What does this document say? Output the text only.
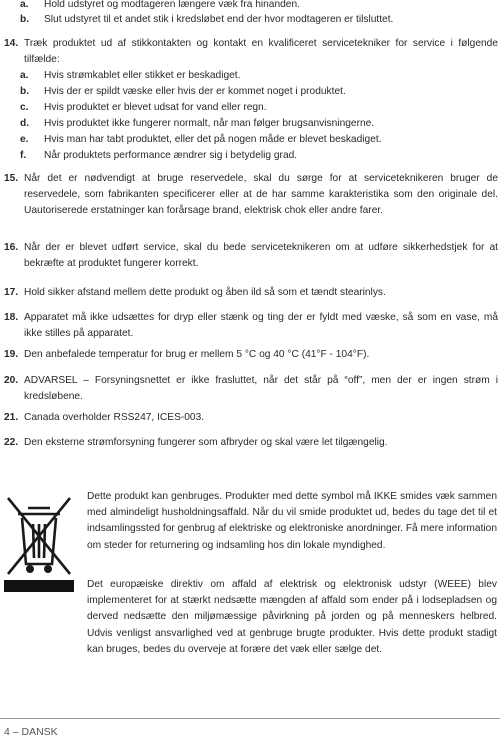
a. Hold udstyret og modtageren længere væk fra hinanden.
b. Slut udstyret til et andet stik i kredsløbet end der hvor modtageren er tilsluttet.
14. Træk produktet ud af stikkontakten og kontakt en kvalificeret servicetekniker for service i følgende tilfælde:
a. Hvis strømkablet eller stikket er beskadiget.
b. Hvis der er spildt væske eller hvis der er kommet noget i produktet.
c. Hvis produktet er blevet udsat for vand eller regn.
d. Hvis produktet ikke fungerer normalt, når man følger brugsanvisningerne.
e. Hvis man har tabt produktet, eller det på nogen måde er blevet beskadiget.
f. Når produktets performance ændrer sig i betydelig grad.
15. Når det er nødvendigt at bruge reservedele, skal du sørge for at serviceteknikeren bruger de reservedele, som fabrikanten specificerer eller at de har samme karakteristika som den originale del. Uautoriserede erstatninger kan forårsage brand, elektrisk chok eller andre farer.
16. Når der er blevet udført service, skal du bede serviceteknikeren om at udføre sikkerhedstjek for at bekræfte at produktet fungerer korrekt.
17. Hold sikker afstand mellem dette produkt og åben ild så som et tændt stearinlys.
18. Apparatet må ikke udsættes for dryp eller stænk og ting der er fyldt med væske, så som en vase, må ikke stilles på apparatet.
19. Den anbefalede temperatur for brug er mellem 5 °C og 40 °C (41°F - 104°F).
20. ADVARSEL – Forsyningsnettet er ikke frasluttet, når det står på “off”, men der er ingen strøm i kredsløbene.
21. Canada overholder RSS247, ICES-003.
22. Den eksterne strømforsyning fungerer som afbryder og skal være let tilgængelig.
Dette produkt kan genbruges. Produkter med dette symbol må IKKE smides væk sammen med almindeligt husholdningsaffald. Når du vil smide produktet ud, bedes du tage det til et indsamlingssted for genbrug af elektriske og elektroniske anordninger. Få mere information om steder for returnering og indsamling hos din lokale myndighed.
Det europæiske direktiv om affald af elektrisk og elektronisk udstyr (WEEE) blev implementeret for at stærkt nedsætte mængden af affald som ender på i lodsepladsen og derved nedsætte den miljømæssige påvirkning på jorden og på menneskers helbred. Udvis venligst ansvarlighed ved at genbruge brugte produkter. Hvis dette produkt stadigt kan bruges, bedes du overveje at forære det væk eller sælge det.
4 – DANSK
